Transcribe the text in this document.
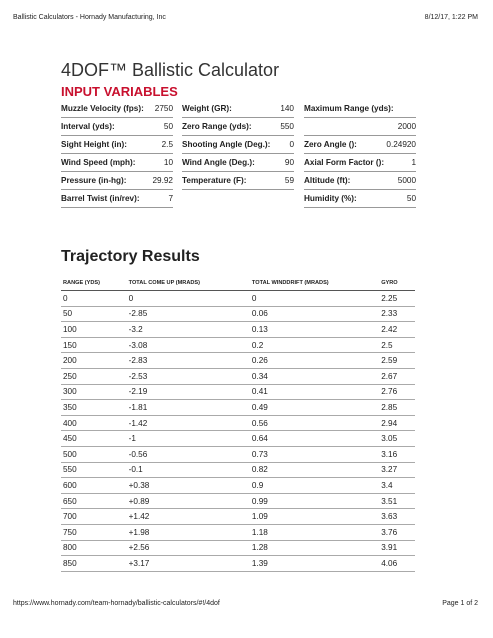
Ballistic Calculators - Hornady Manufacturing, Inc	8/12/17, 1:22 PM
4DOF™ Ballistic Calculator
INPUT VARIABLES
Muzzle Velocity (fps): 2750
Interval (yds):	50
Sight Height (in):	2.5
Wind Speed (mph):	10
Pressure (in-hg):	29.92
Barrel Twist (in/rev):	7
Weight (GR):	140
Zero Range (yds):	550
Shooting Angle (Deg.): 0
Wind Angle (Deg.):	90
Temperature (F):	59
Maximum Range (yds):
2000
Zero Angle ():	0.24920
Axial Form Factor ():	1
Altitude (ft):	5000
Humidity (%):	50
Trajectory Results
RANGE (YDS)	TOTAL COME UP (MRADS)	TOTAL WINDDRIFT (MRADS)	GYRO
0	0	0	2.25
50	-2.85	0.06	2.33
100	-3.2	0.13	2.42
150	-3.08	0.2	2.5
200	-2.83	0.26	2.59
250	-2.53	0.34	2.67
300	-2.19	0.41	2.76
350	-1.81	0.49	2.85
400	-1.42	0.56	2.94
450	-1	0.64	3.05
500	-0.56	0.73	3.16
550	-0.1	0.82	3.27
600	+0.38	0.9	3.4
650	+0.89	0.99	3.51
700	+1.42	1.09	3.63
750	+1.98	1.18	3.76
800	+2.56	1.28	3.91
850	+3.17	1.39	4.06
https://www.hornady.com/team-hornady/ballistic-calculators/#!/4dof	Page 1 of 2
